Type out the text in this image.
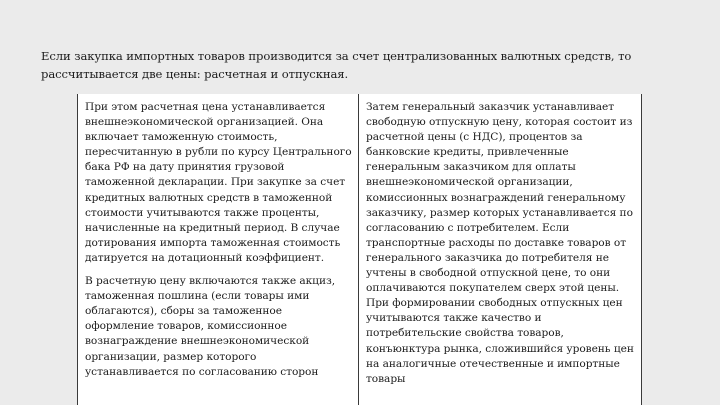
Если закупка импортных товаров производится за счет централизованных валютных средств, то рассчитывается две цены: расчетная и отпускная.

При этом расчетная цена устанавливается внешнеэкономической организацией. Она включает таможенную стоимость, пересчитанную в рубли по курсу Центрального бака РФ на дату принятия грузовой таможенной декларации. При закупке за счет кредитных валютных средств в таможенной стоимости учитываются также проценты, начисленные на кредитный период. В случае дотирования импорта таможенная стоимость датируется на дотационный коэффициент.

В расчетную цену включаются также акциз, таможенная пошлина (если товары ими облагаются), сборы за таможенное оформление товаров, комиссионное вознаграждение внешнеэкономической организации, размер которого устанавливается по согласованию сторон

Затем генеральный заказчик устанавливает свободную отпускную цену, которая состоит из расчетной цены (с НДС), процентов за банковские кредиты, привлеченные генеральным заказчиком для оплаты внешнеэкономической организации, комиссионных вознаграждений генеральному заказчику, размер которых устанавливается по согласованию с потребителем. Если транспортные расходы по доставке товаров от генерального заказчика до потребителя не учтены в свободной отпускной цене, то они оплачиваются покупателем сверх этой цены. При формировании свободных отпускных цен учитываются также качество и потребительские свойства товаров, конъюнктура рынка, сложившийся уровень цен на аналогичные отечественные и импортные товары
